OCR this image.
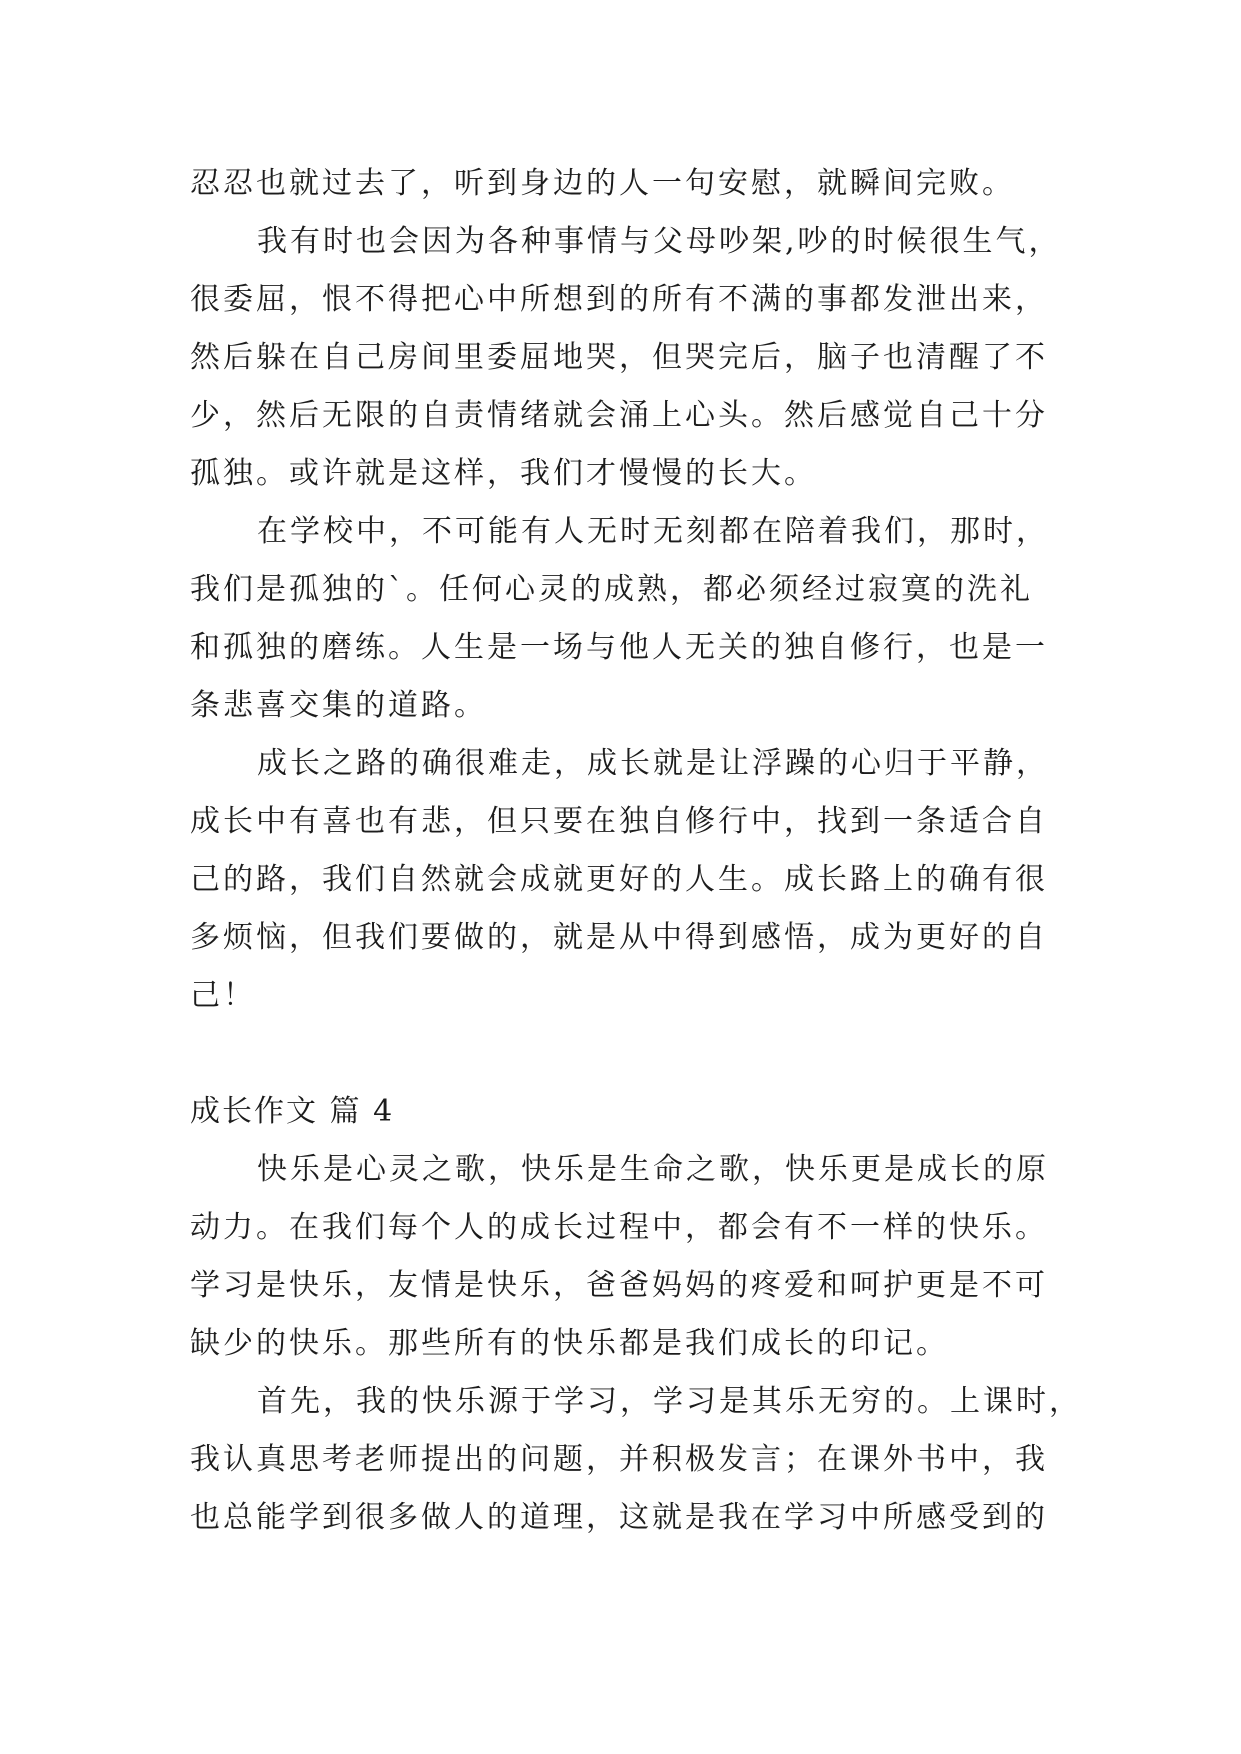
忍忍也就过去了，听到身边的人一句安慰，就瞬间完败。
我有时也会因为各种事情与父母吵架,吵的时候很生气，
很委屈，恨不得把心中所想到的所有不满的事都发泄出来，
然后躲在自己房间里委屈地哭，但哭完后，脑子也清醒了不
少，然后无限的自责情绪就会涌上心头。然后感觉自己十分
孤独。或许就是这样，我们才慢慢的长大。
在学校中，不可能有人无时无刻都在陪着我们，那时，
我们是孤独的`。任何心灵的成熟，都必须经过寂寞的洗礼
和孤独的磨练。人生是一场与他人无关的独自修行，也是一
条悲喜交集的道路。
成长之路的确很难走，成长就是让浮躁的心归于平静，
成长中有喜也有悲，但只要在独自修行中，找到一条适合自
己的路，我们自然就会成就更好的人生。成长路上的确有很
多烦恼，但我们要做的，就是从中得到感悟，成为更好的自
己！
成长作文 篇 4
快乐是心灵之歌，快乐是生命之歌，快乐更是成长的原
动力。在我们每个人的成长过程中，都会有不一样的快乐。
学习是快乐，友情是快乐，爸爸妈妈的疼爱和呵护更是不可
缺少的快乐。那些所有的快乐都是我们成长的印记。
首先，我的快乐源于学习，学习是其乐无穷的。上课时，
我认真思考老师提出的问题，并积极发言；在课外书中，我
也总能学到很多做人的道理，这就是我在学习中所感受到的
